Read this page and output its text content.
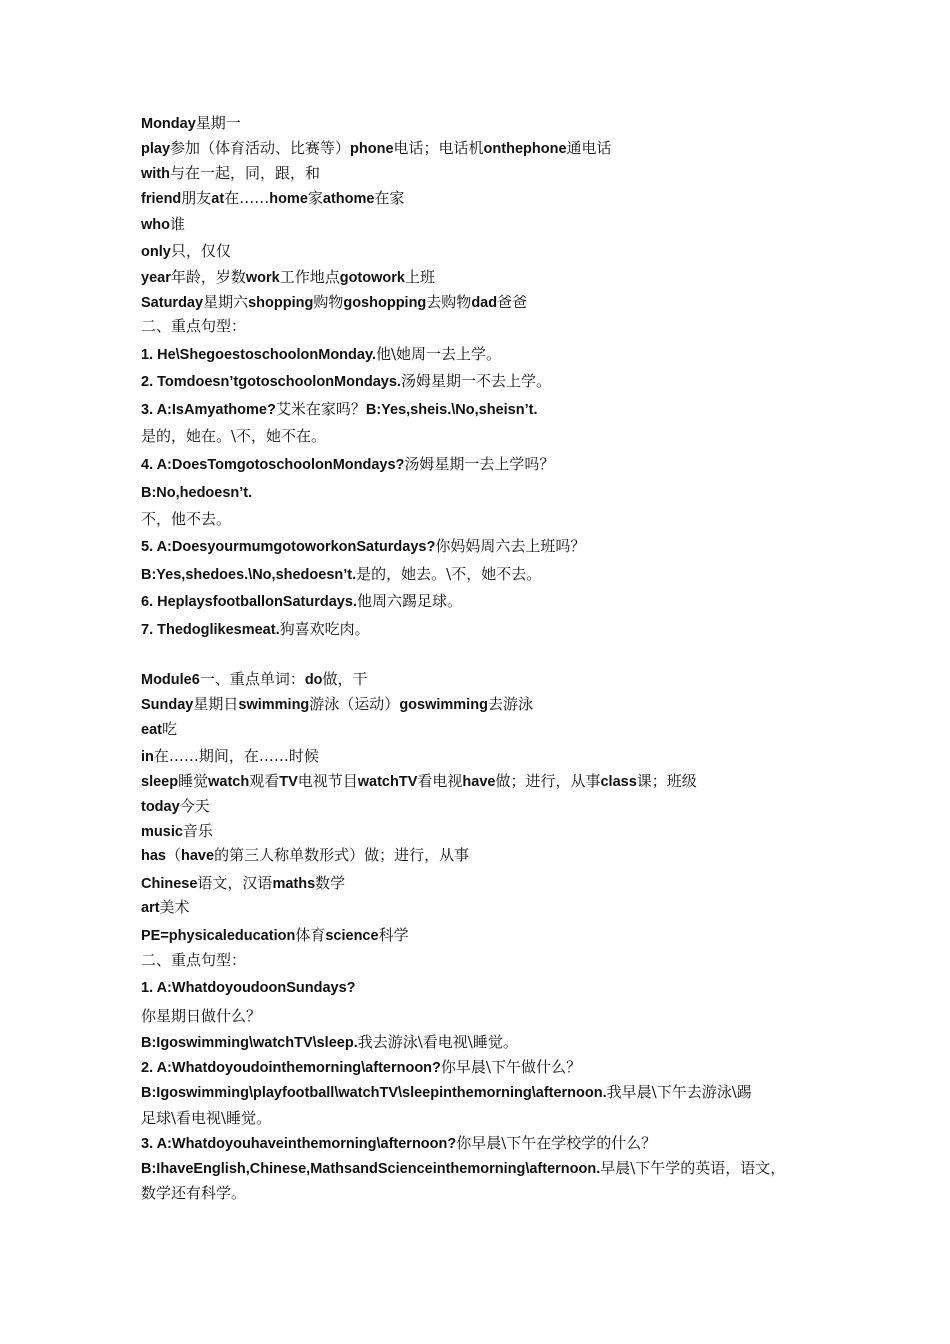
Monday星期一
play参加（体育活动、比赛等）phone电话；电话机onthephone通电话
with与在一起，同，跟，和
friend朋友at在……home家athome在家
who谁
only只，仅仅
year年龄，岁数work工作地点gotowork上班
Saturday星期六shopping购物goshopping去购物dad爸爸
二、重点句型：
1. He\ShegoestoschoolonMonday.他\她周一去上学。
2. Tomdoesn’tgotoschoolonMondays.汤姆星期一不去上学。
3. A:IsAmyathome?艾米在家吗？B:Yes,sheis.\No,sheisn’t.
是的，她在。\不，她不在。
4. A:DoesTomgotoschoolonMondays?汤姆星期一去上学吗？
B:No,hedoesn’t.
不，他不去。
5. A:DoesyourmumgotoworkonSaturdays?你妈妈周六去上班吗？
B:Yes,shedoes.\No,shedoesn’t.是的，她去。\不，她不去。
6. HeplaysfootballonSaturdays.他周六踢足球。
7. Thedoglikesmeat.狗喜欢吃肉。
Module6一、重点单词：do做，干
Sunday星期日swimming游泳（运动）goswimming去游泳
eat吃
in在……期间，在……时候
sleep睡觉watch观看TV电视节目watchTV看电视have做；进行，从事class课；班级
today今天
music音乐
has（have的第三人称单数形式）做；进行，从事
Chinese语文，汉语maths数学
art美术
PE=physicaleducation体育science科学
二、重点句型：
1. A:WhatdoyoudoonSundays?
你星期日做什么？
B:Igoswimming\watchTV\sleep.我去游泳\看电视\睡觉。
2. A:Whatdoyoudointhemorning\afternoon?你早晨\下午做什么？
B:Igoswimming\playfootball\watchTV\sleepinthemorning\afternoon.我早晨\下午去游泳\踢
足球\看电视\睡觉。
3. A:Whatdoyouhaveinthemorning\afternoon?你早晨\下午在学校学的什么？
B:IhaveEnglish,Chinese,MathsandScienceinthemorning\afternoon.早晨\下午学的英语，语文，
数学还有科学。
